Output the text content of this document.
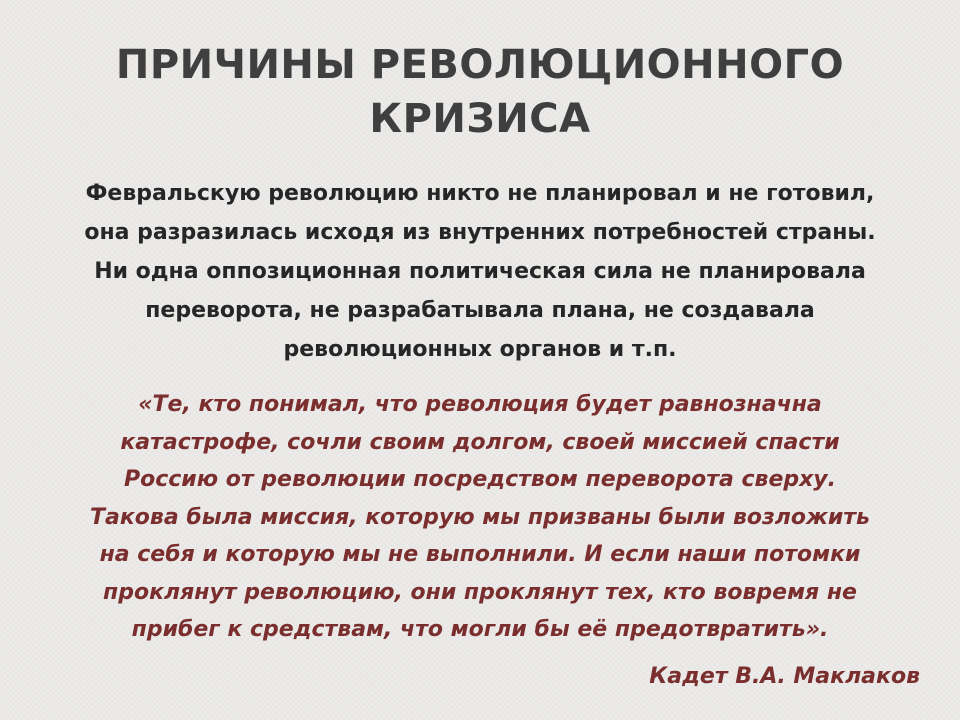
ПРИЧИНЫ РЕВОЛЮЦИОННОГО
КРИЗИСА

Февральскую революцию никто не планировал и не готовил,
она разразилась исходя из внутренних потребностей страны.
Ни одна оппозиционная политическая сила не планировала
переворота, не разрабатывала плана, не создавала
революционных органов и т.п.

«Те, кто понимал, что революция будет равнозначна
катастрофе, сочли своим долгом, своей миссией спасти
Россию от революции посредством переворота сверху.
Такова была миссия, которую мы призваны были возложить
на себя и которую мы не выполнили. И если наши потомки
проклянут революцию, они проклянут тех, кто вовремя не
прибег к средствам, что могли бы её предотвратить».

Кадет В.А. Маклаков
